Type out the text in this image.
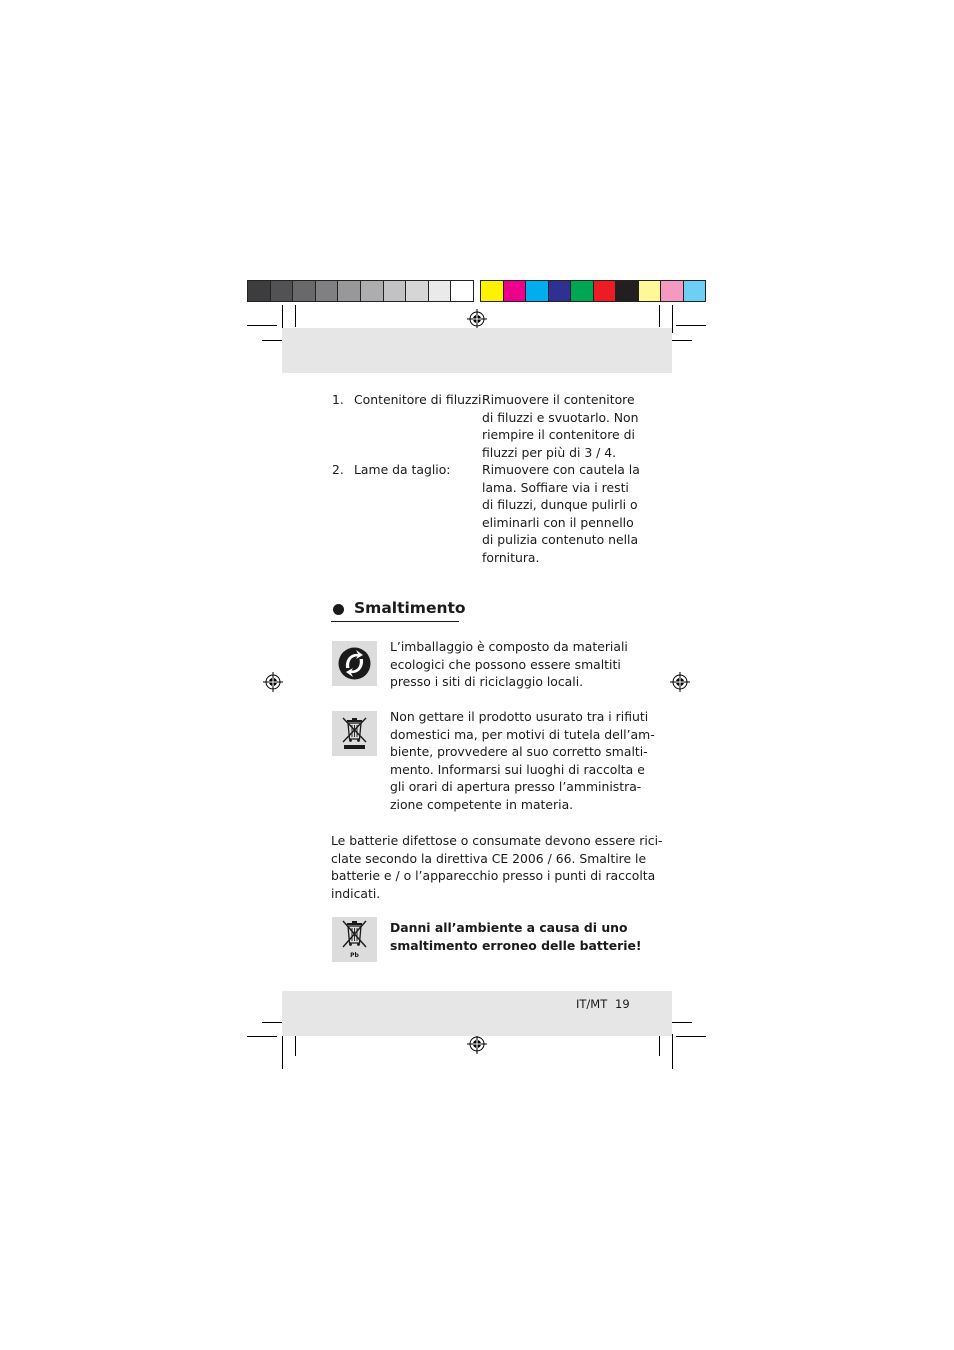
1. Contenitore di filuzzi:
Rimuovere il contenitore
di filuzzi e svuotarlo. Non
riempire il contenitore di
filuzzi per più di 3 / 4.
2. Lame da taglio:	Rimuovere con cautela la
lama. Soffiare via i resti
di filuzzi, dunque pulirli o
eliminarli con il pennello
di pulizia contenuto nella
fornitura.
Smaltimento
L’imballaggio è composto da materiali
ecologici che possono essere smaltiti
presso i siti di riciclaggio locali.
Non gettare il prodotto usurato tra i rifiuti
domestici ma, per motivi di tutela dell’am-
biente, provvedere al suo corretto smalti-
mento. Informarsi sui luoghi di raccolta e
gli orari di apertura presso l’amministra-
zione competente in materia.
Le batterie difettose o consumate devono essere rici-
clate secondo la direttiva CE 2006 / 66. Smaltire le
batterie e / o l’apparecchio presso i punti di raccolta
indicati.
Pb
Danni all’ambiente a causa di uno
smaltimento erroneo delle batterie!
IT/MT 19
